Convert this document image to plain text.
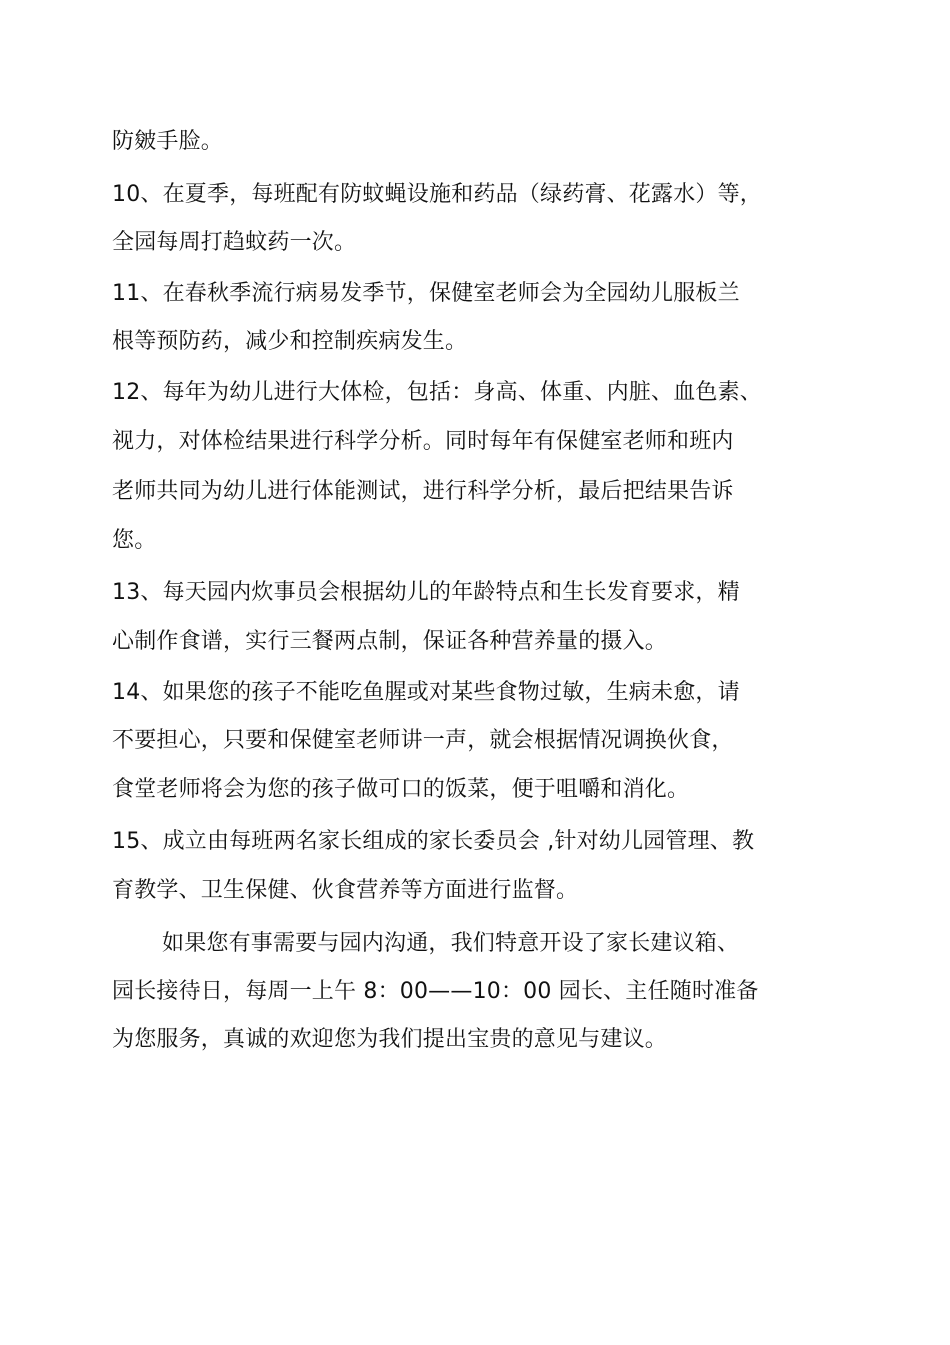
防皴手脸。
10、在夏季，每班配有防蚊蝇设施和药品（绿药膏、花露水）等，
全园每周打趋蚊药一次。
11、在春秋季流行病易发季节，保健室老师会为全园幼儿服板兰
根等预防药，减少和控制疾病发生。
12、每年为幼儿进行大体检，包括：身高、体重、内脏、血色素、
视力，对体检结果进行科学分析。同时每年有保健室老师和班内
老师共同为幼儿进行体能测试，进行科学分析，最后把结果告诉
您。
13、每天园内炊事员会根据幼儿的年龄特点和生长发育要求，精
心制作食谱，实行三餐两点制，保证各种营养量的摄入。
14、如果您的孩子不能吃鱼腥或对某些食物过敏，生病未愈，请
不要担心，只要和保健室老师讲一声，就会根据情况调换伙食，
食堂老师将会为您的孩子做可口的饭菜，便于咀嚼和消化。
15、成立由每班两名家长组成的家长委员会 ,针对幼儿园管理、教
育教学、卫生保健、伙食营养等方面进行监督。
如果您有事需要与园内沟通，我们特意开设了家长建议箱、
园长接待日，每周一上午 8：00——10：00 园长、主任随时准备
为您服务，真诚的欢迎您为我们提出宝贵的意见与建议。
